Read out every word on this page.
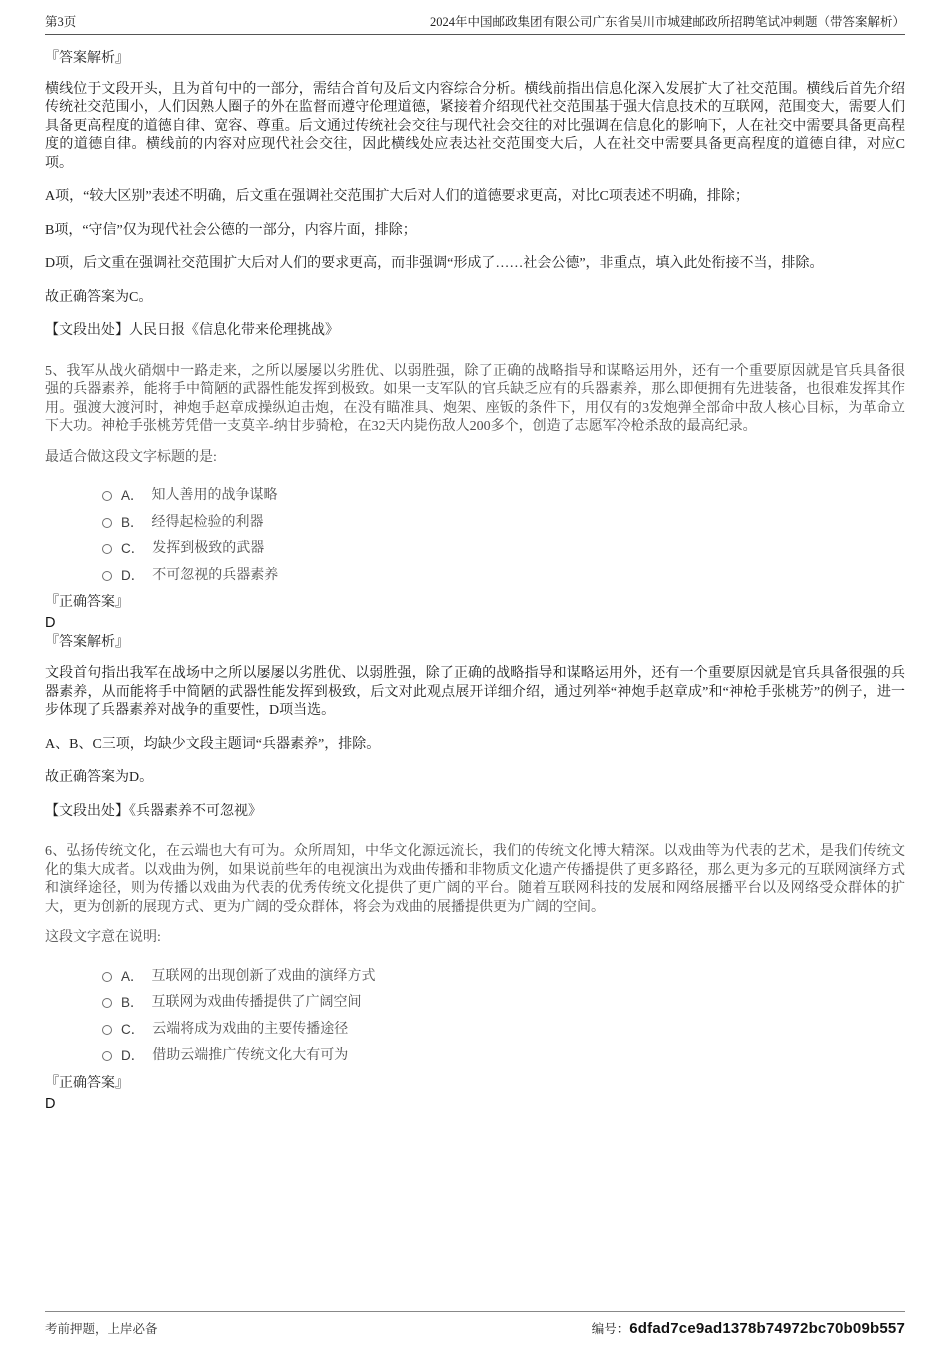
第3页	2024年中国邮政集团有限公司广东省吴川市城建邮政所招聘笔试冲刺题（带答案解析）

『答案解析』

横线位于文段开头，且为首句中的一部分，需结合首句及后文内容综合分析。横线前指出信息化深入发展扩大了社交范围。横线后首先介绍传统社交范围小，人们因熟人圈子的外在监督而遵守伦理道德，紧接着介绍现代社交范围基于强大信息技术的互联网，范围变大，需要人们具备更高程度的道德自律、宽容、尊重。后文通过传统社会交往与现代社会交往的对比强调在信息化的影响下，人在社交中需要具备更高程度的道德自律。横线前的内容对应现代社会交往，因此横线处应表达社交范围变大后，人在社交中需要具备更高程度的道德自律，对应C项。

A项，“较大区别”表述不明确，后文重在强调社交范围扩大后对人们的道德要求更高，对比C项表述不明确，排除；

B项，“守信”仅为现代社会公德的一部分，内容片面，排除；

D项，后文重在强调社交范围扩大后对人们的要求更高，而非强调“形成了……社会公德”，非重点，填入此处衔接不当，排除。

故正确答案为C。

【文段出处】人民日报《信息化带来伦理挑战》

5、我军从战火硝烟中一路走来，之所以屡屡以劣胜优、以弱胜强，除了正确的战略指导和谋略运用外，还有一个重要原因就是官兵具备很强的兵器素养，能将手中简陋的武器性能发挥到极致。如果一支军队的官兵缺乏应有的兵器素养，那么即便拥有先进装备，也很难发挥其作用。强渡大渡河时，神炮手赵章成操纵迫击炮，在没有瞄准具、炮架、座钣的条件下，用仅有的3发炮弹全部命中敌人核心目标，为革命立下大功。神枪手张桃芳凭借一支莫辛-纳甘步骑枪，在32天内毙伤敌人200多个，创造了志愿军冷枪杀敌的最高纪录。

最适合做这段文字标题的是:

A． 知人善用的战争谋略
B． 经得起检验的利器
C． 发挥到极致的武器
D． 不可忽视的兵器素养
『正确答案』
D
『答案解析』

文段首句指出我军在战场中之所以屡屡以劣胜优、以弱胜强，除了正确的战略指导和谋略运用外，还有一个重要原因就是官兵具备很强的兵器素养，从而能将手中简陋的武器性能发挥到极致，后文对此观点展开详细介绍，通过列举“神炮手赵章成”和“神枪手张桃芳”的例子，进一步体现了兵器素养对战争的重要性，D项当选。

A、B、C三项，均缺少文段主题词“兵器素养”，排除。

故正确答案为D。

【文段出处】《兵器素养不可忽视》

6、弘扬传统文化，在云端也大有可为。众所周知，中华文化源远流长，我们的传统文化博大精深。以戏曲等为代表的艺术，是我们传统文化的集大成者。以戏曲为例，如果说前些年的电视演出为戏曲传播和非物质文化遗产传播提供了更多路径，那么更为多元的互联网演绎方式和演绎途径，则为传播以戏曲为代表的优秀传统文化提供了更广阔的平台。随着互联网科技的发展和网络展播平台以及网络受众群体的扩大，更为创新的展现方式、更为广阔的受众群体，将会为戏曲的展播提供更为广阔的空间。

这段文字意在说明:

A． 互联网的出现创新了戏曲的演绎方式
B． 互联网为戏曲传播提供了广阔空间
C． 云端将成为戏曲的主要传播途径
D． 借助云端推广传统文化大有可为
『正确答案』
D
考前押题，上岸必备	编号：6dfad7ce9ad1378b74972bc70b09b557
